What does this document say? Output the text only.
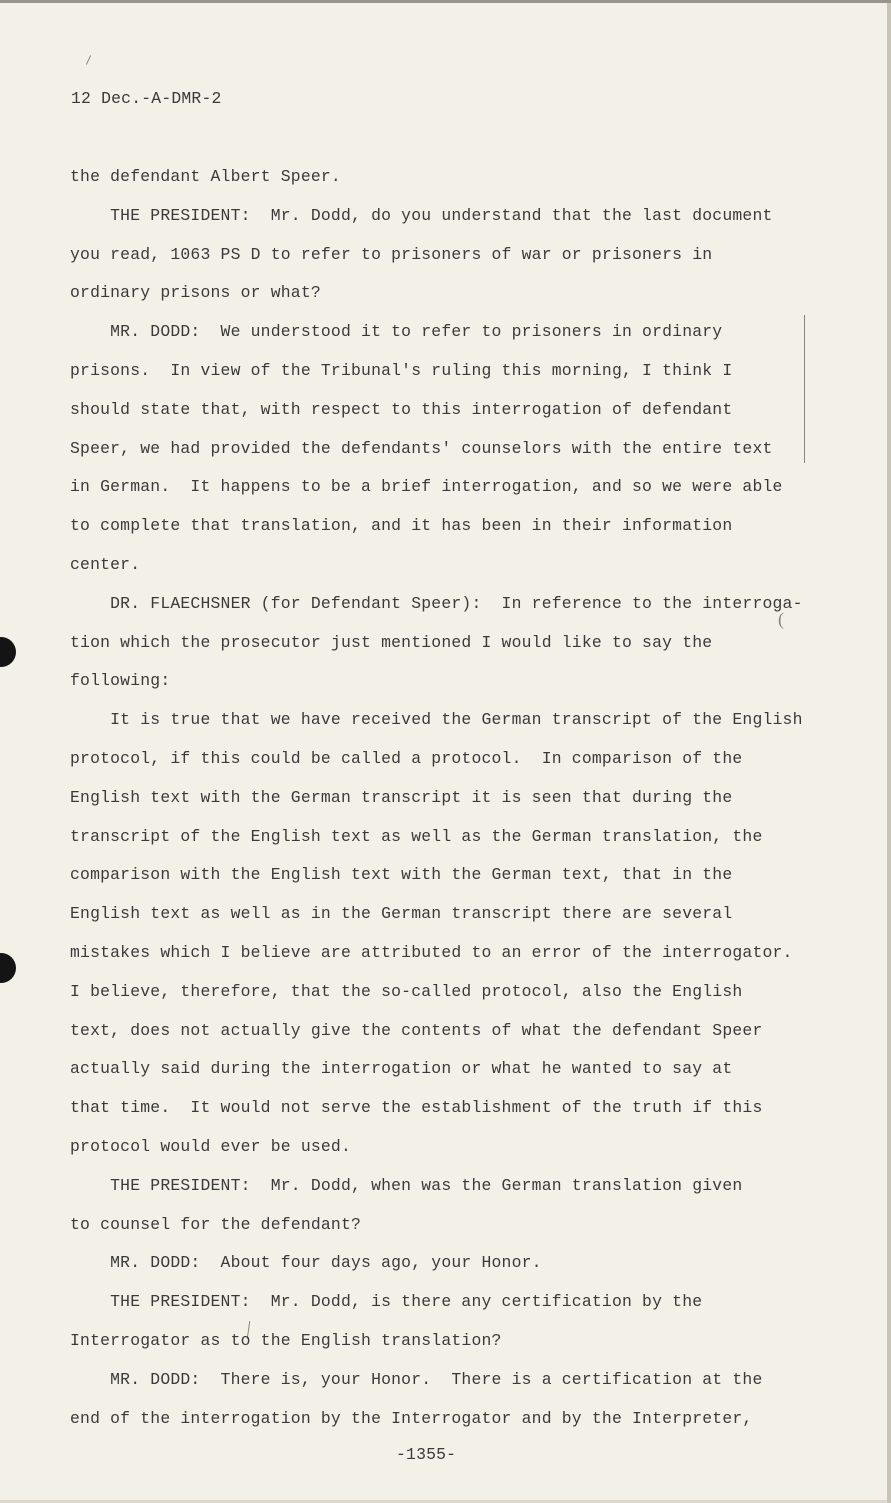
(
12 Dec.-A-DMR-2
the defendant Albert Speer.
THE PRESIDENT:  Mr. Dodd, do you understand that the last document
you read, 1063 PS D to refer to prisoners of war or prisoners in
ordinary prisons or what?
MR. DODD:  We understood it to refer to prisoners in ordinary
prisons.  In view of the Tribunal's ruling this morning, I think I
should state that, with respect to this interrogation of defendant
Speer, we had provided the defendants' counselors with the entire text
in German.  It happens to be a brief interrogation, and so we were able
to complete that translation, and it has been in their information
center.
DR. FLAECHSNER (for Defendant Speer):  In reference to the interroga-
tion which the prosecutor just mentioned I would like to say the
following:
It is true that we have received the German transcript of the English
protocol, if this could be called a protocol.  In comparison of the
English text with the German transcript it is seen that during the
transcript of the English text as well as the German translation, the
comparison with the English text with the German text, that in the
English text as well as in the German transcript there are several
mistakes which I believe are attributed to an error of the interrogator.
I believe, therefore, that the so-called protocol, also the English
text, does not actually give the contents of what the defendant Speer
actually said during the interrogation or what he wanted to say at
that time.  It would not serve the establishment of the truth if this
protocol would ever be used.
THE PRESIDENT:  Mr. Dodd, when was the German translation given
to counsel for the defendant?
MR. DODD:  About four days ago, your Honor.
THE PRESIDENT:  Mr. Dodd, is there any certification by the
Interrogator as to the English translation?
MR. DODD:  There is, your Honor.  There is a certification at the
end of the interrogation by the Interrogator and by the Interpreter,
-1355-
